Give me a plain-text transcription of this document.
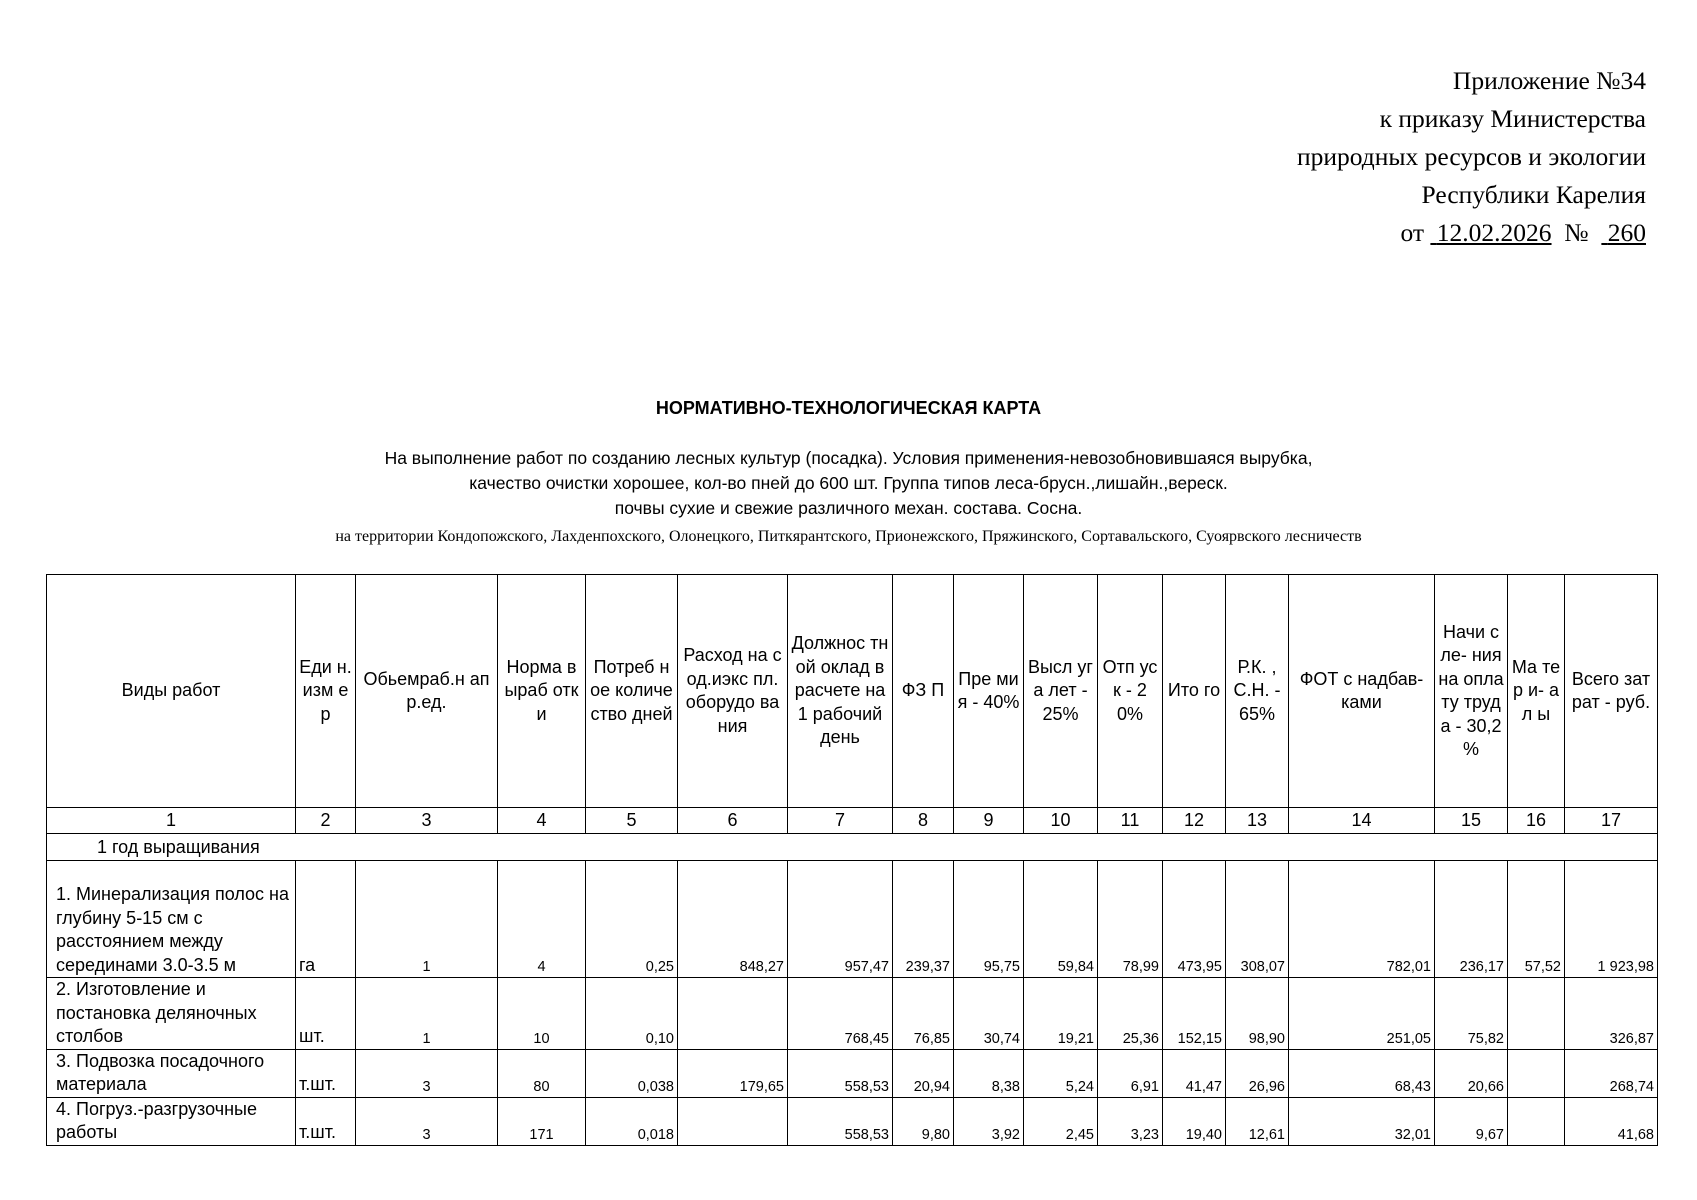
Приложение №34
к приказу Министерства
природных ресурсов и экологии
Республики Карелия
от 12.02.2026 № 260
НОРМАТИВНО-ТЕХНОЛОГИЧЕСКАЯ КАРТА
На выполнение работ по созданию лесных культур (посадка). Условия применения-невозобновившаяся вырубка,
качество очистки хорошее, кол-во пней до 600 шт. Группа типов леса-брусн.,лишайн.,вереск.
почвы сухие и свежие различного механ. состава. Сосна.
на территории Кондопожского, Лахденпохского, Олонецкого, Питкярантского, Прионежского, Пряжинского, Сортавальского, Суоярвского лесничеств
Виды работ	Еди н. изм ер	Обьемраб.н апр.ед.	Норма выраб отки	Потреб ное количе ство дней	Расход на сод.иэкс пл. оборудо вания	Должнос тной оклад в расчете на 1 рабочий день	ФЗ П	Пре мия - 40%	Высл уга лет - 25%	Отп уск - 20%	Ито го	Р.К. , С.Н. - 65%	ФОТ с надбав-ками	Начи сле- ния на опла ту труд а - 30,2 %	Ма тер и- ал ы	Всего затрат - руб.
1	2	3	4	5	6	7	8	9	10	11	12	13	14	15	16	17
1 год выращивания																
1. Минерализация полос на глубину 5-15 см с расстоянием между серединами 3.0-3.5 м	га	1	4	0,25	848,27	957,47	239,37	95,75	59,84	78,99	473,95	308,07	782,01	236,17	57,52	1 923,98
2. Изготовление и постановка деляночных столбов	шт.	1	10	0,10		768,45	76,85	30,74	19,21	25,36	152,15	98,90	251,05	75,82		326,87
3. Подвозка посадочного материала	т.шт.	3	80	0,038	179,65	558,53	20,94	8,38	5,24	6,91	41,47	26,96	68,43	20,66		268,74
4. Погруз.-разгрузочные работы	т.шт.	3	171	0,018		558,53	9,80	3,92	2,45	3,23	19,40	12,61	32,01	9,67		41,68
